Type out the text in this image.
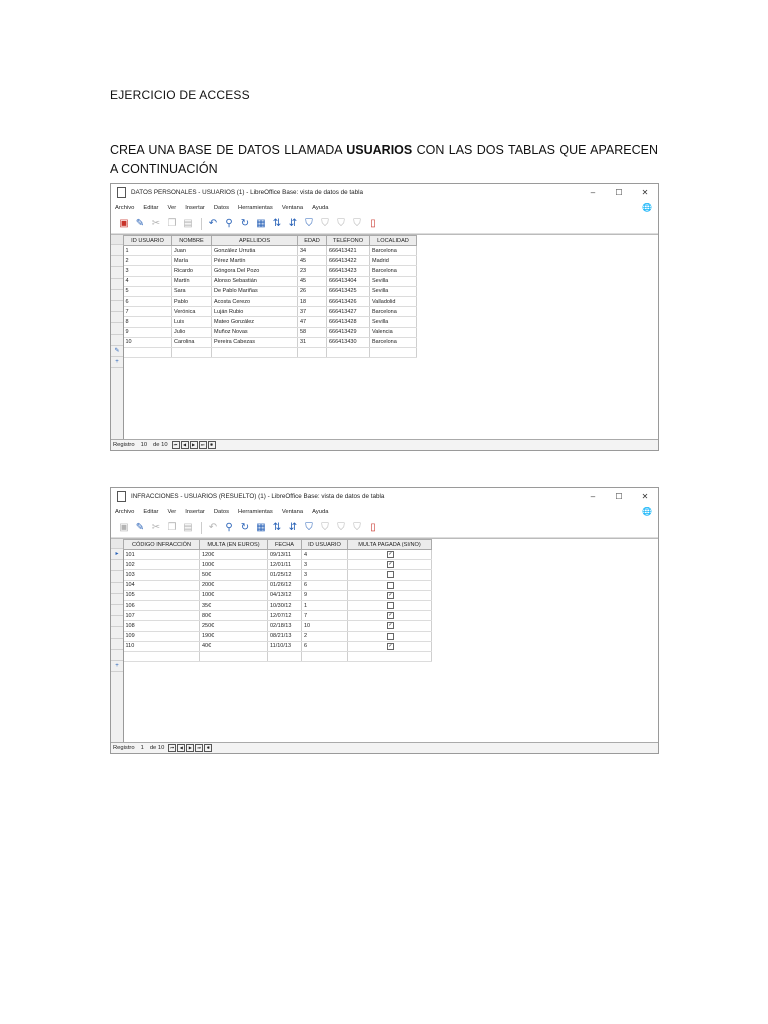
EJERCICIO DE ACCESS
CREA UNA BASE DE DATOS LLAMADA USUARIOS CON LAS DOS TABLAS QUE APARECEN A CONTINUACIÓN
DATOS PERSONALES - USUARIOS (1) - LibreOffice Base: vista de datos de tabla	–	☐	✕
Archivo Editar Ver Insertar Datos Herramientas Ventana Ayuda	🌐
▣ ✎ ✂ ❐ ▤ ↶ ⚲ ↻ ▦ ⇅ ⇵ ⛉ ⛉ ⛉ ⛉ ▯
✎
+
ID USUARIO	NOMBRE	APELLIDOS	EDAD	TELÉFONO	LOCALIDAD
1	Juan	González Urrutia	34	666413421	Barcelona
2	María	Pérez Martín	45	666413422	Madrid
3	Ricardo	Góngora Del Pozo	23	666413423	Barcelona
4	Martín	Alonso Sebastián	45	666413404	Sevilla
5	Sara	De Pablo Mariñas	26	666413425	Sevilla
6	Pablo	Acosta Cerezo	18	666413426	Valladolid
7	Verónica	Luján Rubio	37	666413427	Barcelona
8	Luis	Mateo González	47	666413428	Sevilla
9	Julio	Muñoz Novas	58	666413429	Valencia
10	Carolina	Pereira Cabezas	31	666413430	Barcelona

Registro 10 de 10	⏮	◀	▶	⏭	✱
INFRACCIONES - USUARIOS (RESUELTO) (1) - LibreOffice Base: vista de datos de tabla	–	☐	✕
Archivo Editar Ver Insertar Datos Herramientas Ventana Ayuda	🌐
▣ ✎ ✂ ❐ ▤ ↶ ⚲ ↻ ▦ ⇅ ⇵ ⛉ ⛉ ⛉ ⛉ ▯
▸
+
CÓDIGO INFRACCIÓN	MULTA (EN EUROS)	FECHA	ID USUARIO	MULTA PAGADA (SI/NO)
101	120€	09/13/11	4	✓
102	100€	12/01/11	3	✓
103	50€	01/25/12	3	
104	200€	01/26/12	6	
105	100€	04/13/12	9	✓
106	35€	10/30/12	1	
107	80€	12/07/12	7	✓
108	250€	02/18/13	10	✓
109	190€	08/21/13	2	
110	40€	11/10/13	6	✓

Registro 1 de 10	⏮	◀	▶	⏭	✱
